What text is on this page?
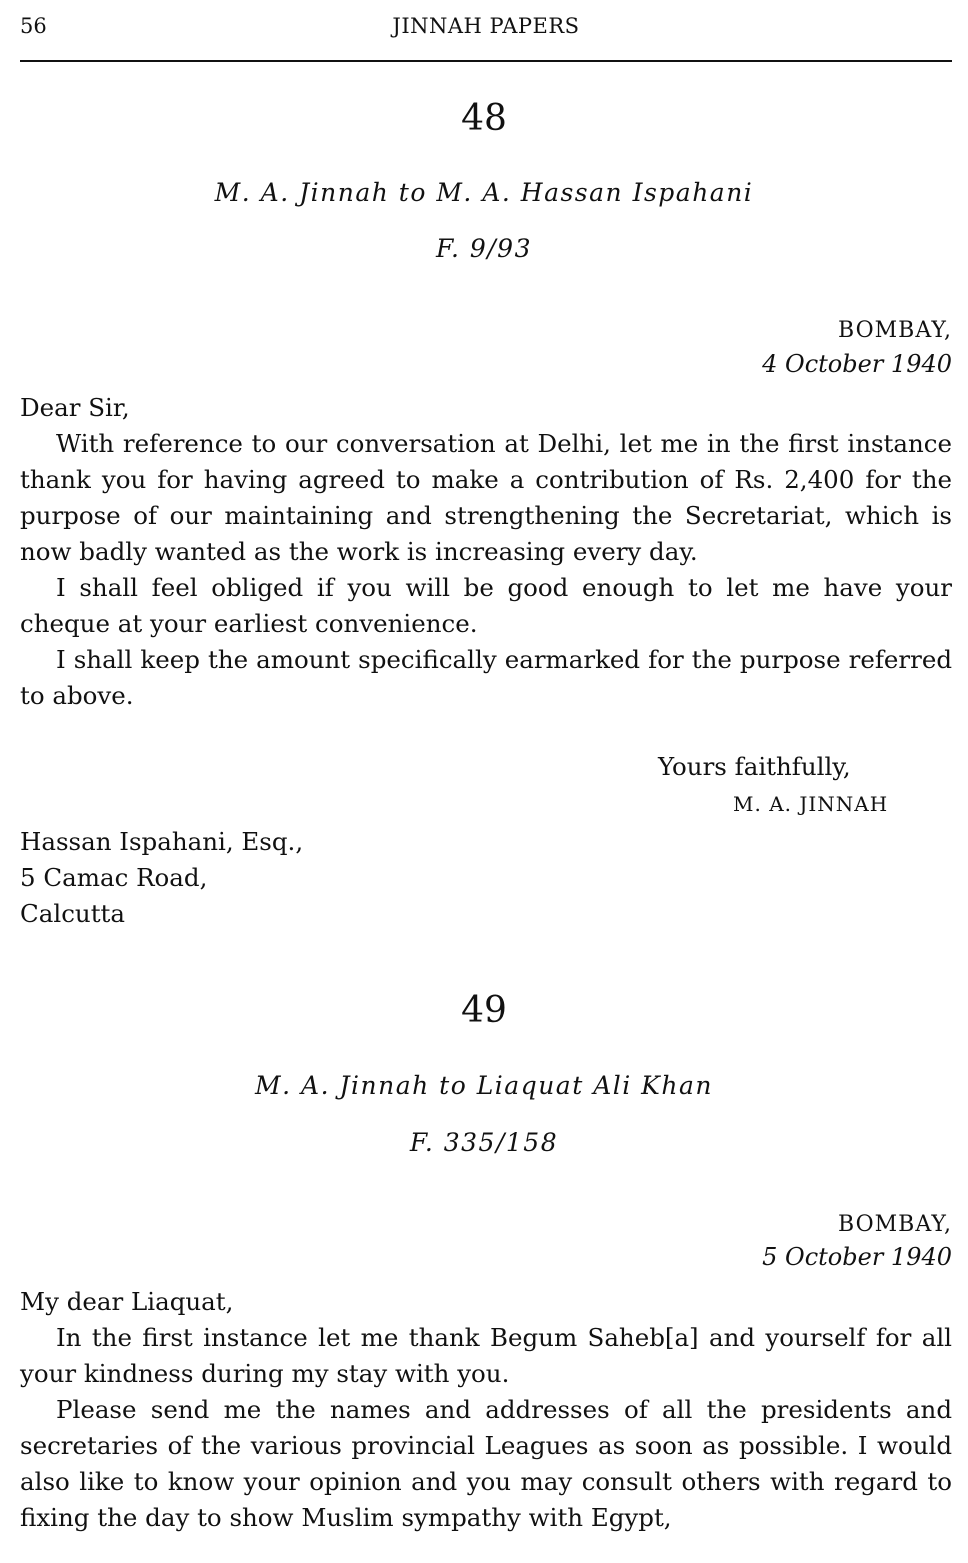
56	JINNAH PAPERS
48
M. A. Jinnah to M. A. Hassan Ispahani
F. 9/93
BOMBAY,
4 October 1940

Dear Sir,

With reference to our conversation at Delhi, let me in the first instance thank you for having agreed to make a contribution of Rs. 2,400 for the purpose of our maintaining and strengthening the Secretariat, which is now badly wanted as the work is increasing every day.

I shall feel obliged if you will be good enough to let me have your cheque at your earliest convenience.

I shall keep the amount specifically earmarked for the purpose referred to above.

Yours faithfully,
M. A. JINNAH
Hassan Ispahani, Esq.,
5 Camac Road,
Calcutta
49
M. A. Jinnah to Liaquat Ali Khan
F. 335/158
BOMBAY,
5 October 1940

My dear Liaquat,

In the first instance let me thank Begum Saheb[a] and yourself for all your kindness during my stay with you.

Please send me the names and addresses of all the presidents and secretaries of the various provincial Leagues as soon as possible. I would also like to know your opinion and you may consult others with regard to fixing the day to show Muslim sympathy with Egypt,
